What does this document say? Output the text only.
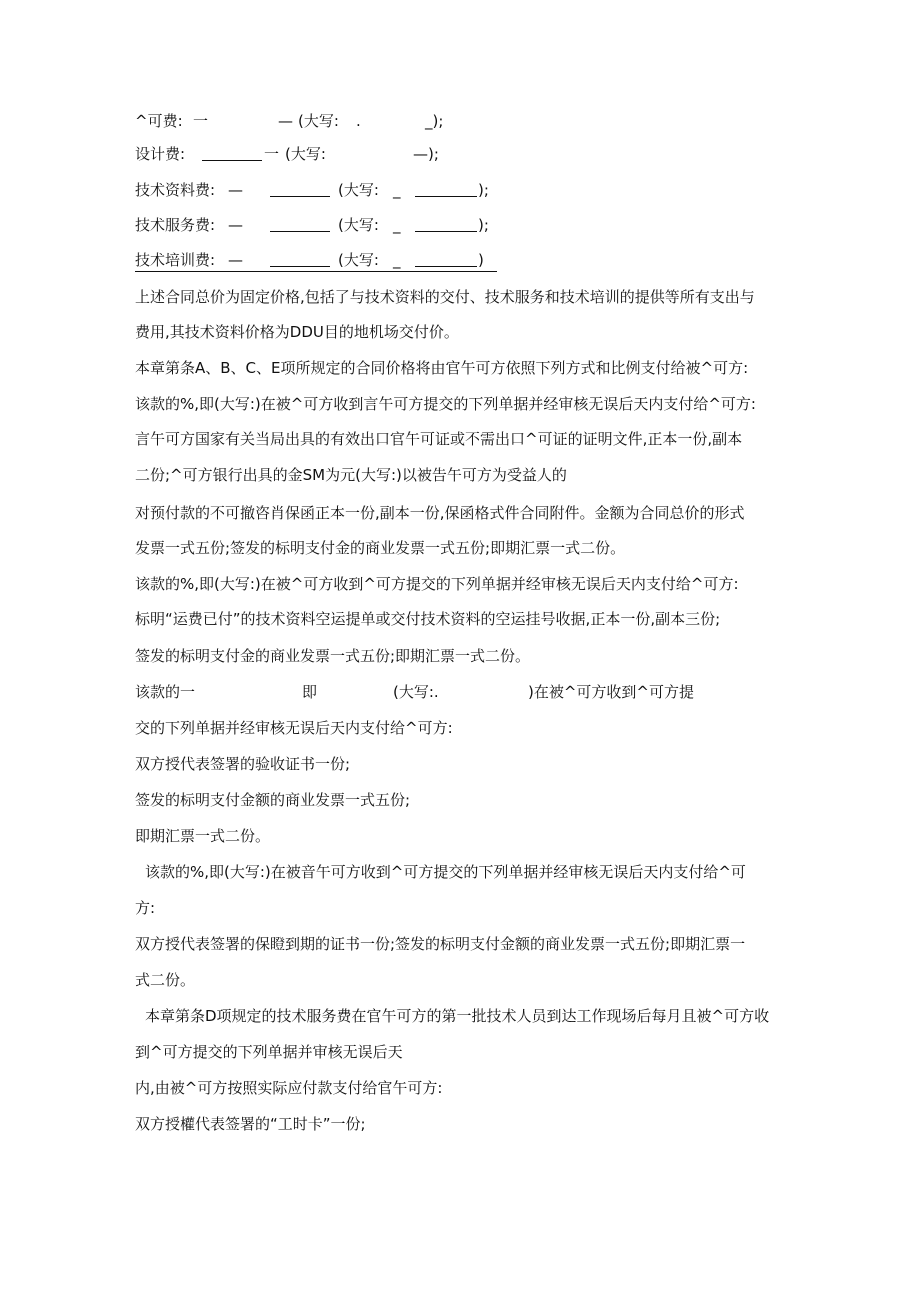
^可费: 一	— (大写: .	_);
设计费:	一 (大写:	—);
技术资料费: —	(大写: _	);
技术服务费: —	(大写: _	);
技术培训费: —	(大写: _	)
上述合同总价为固定价格,包括了与技术资料的交付、技术服务和技术培训的提供等所有支出与
费用,其技术资料价格为DDU目的地机场交付价。
本章第条A、B、C、E项所规定的合同价格将由官午可方依照下列方式和比例支付给被^可方:
该款的%,即(大写:)在被^可方收到言午可方提交的下列单据并经审核无误后天内支付给^可方:
言午可方国家有关当局出具的有效出口官午可证或不需出口^可证的证明文件,正本一份,副本
二份;^可方银行出具的金SM为元(大写:)以被告午可方为受益人的
对预付款的不可撤咨肖保函正本一份,副本一份,保函格式件合同附件。金额为合同总价的形式
发票一式五份;签发的标明支付金的商业发票一式五份;即期汇票一式二份。
该款的%,即(大写:)在被^可方收到^可方提交的下列单据并经审核无误后天内支付给^可方:
标明“运费已付”的技术资料空运提单或交付技术资料的空运挂号收据,正本一份,副本三份;
签发的标明支付金的商业发票一式五份;即期汇票一式二份。
该款的一	即	(大写:.	)在被^可方收到^可方提
交的下列单据并经审核无误后天内支付给^可方:
双方授代表签署的验收证书一份;
签发的标明支付金额的商业发票一式五份;
即期汇票一式二份。
该款的%,即(大写:)在被音午可方收到^可方提交的下列单据并经审核无误后天内支付给^可
方:
双方授代表签署的保瞪到期的证书一份;签发的标明支付金额的商业发票一式五份;即期汇票一
式二份。
本章第条D项规定的技术服务费在官午可方的第一批技术人员到达工作现场后每月且被^可方收
到^可方提交的下列单据并审核无误后天
内,由被^可方按照实际应付款支付给官午可方:
双方授權代表签署的“工时卡”一份;
